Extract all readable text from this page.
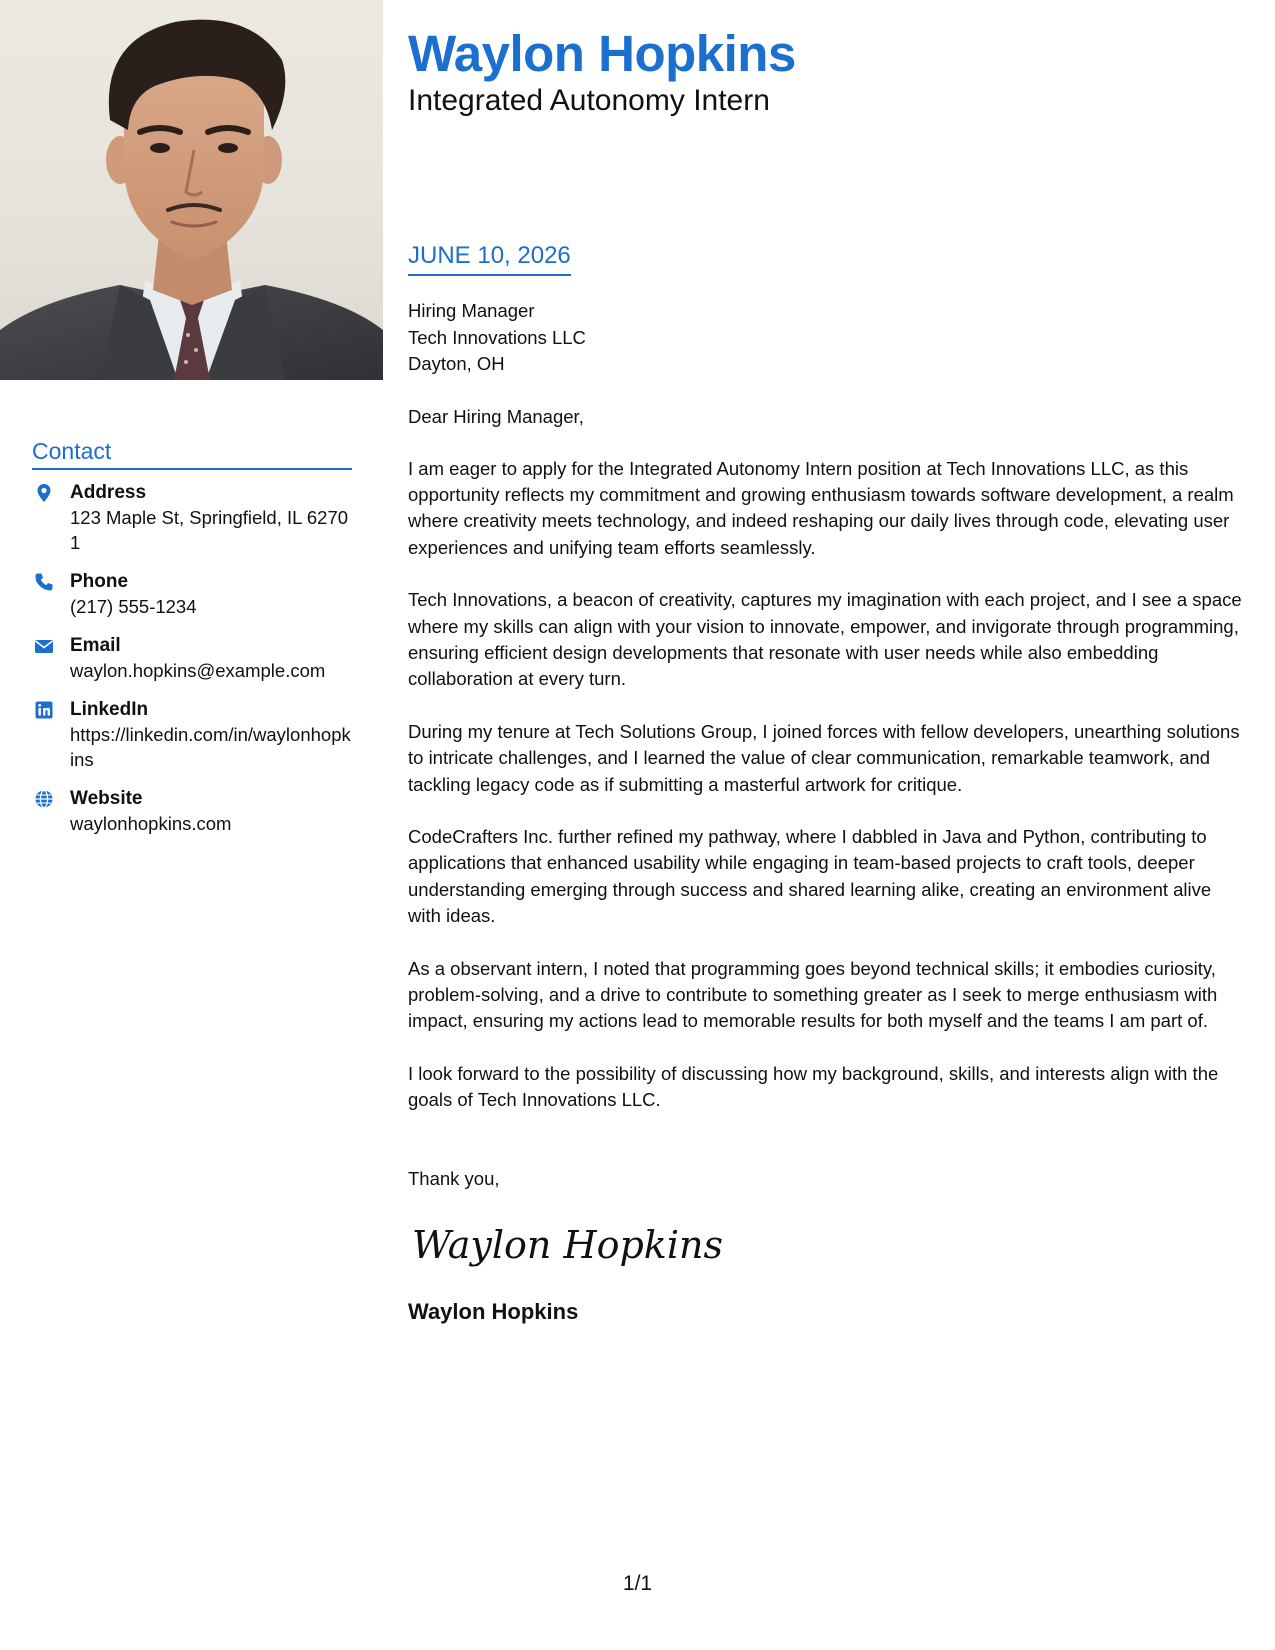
Contact
Address
123 Maple St, Springfield, IL 62701
Phone
(217) 555-1234
Email
waylon.hopkins@example.com
LinkedIn
https://linkedin.com/in/waylonhopkins
Website
waylonhopkins.com
Waylon Hopkins
Integrated Autonomy Intern
JUNE 10, 2026
Hiring Manager
Tech Innovations LLC
Dayton, OH
Dear Hiring Manager,

I am eager to apply for the Integrated Autonomy Intern position at Tech Innovations LLC, as this opportunity reflects my commitment and growing enthusiasm towards software development, a realm where creativity meets technology, and indeed reshaping our daily lives through code, elevating user experiences and unifying team efforts seamlessly.

Tech Innovations, a beacon of creativity, captures my imagination with each project, and I see a space where my skills can align with your vision to innovate, empower, and invigorate through programming, ensuring efficient design developments that resonate with user needs while also embedding collaboration at every turn.

During my tenure at Tech Solutions Group, I joined forces with fellow developers, unearthing solutions to intricate challenges, and I learned the value of clear communication, remarkable teamwork, and tackling legacy code as if submitting a masterful artwork for critique.

CodeCrafters Inc. further refined my pathway, where I dabbled in Java and Python, contributing to applications that enhanced usability while engaging in team-based projects to craft tools, deeper understanding emerging through success and shared learning alike, creating an environment alive with ideas.

As a observant intern, I noted that programming goes beyond technical skills; it embodies curiosity, problem-solving, and a drive to contribute to something greater as I seek to merge enthusiasm with impact, ensuring my actions lead to memorable results for both myself and the teams I am part of.

I look forward to the possibility of discussing how my background, skills, and interests align with the goals of Tech Innovations LLC.

Thank you,
Waylon Hopkins
Waylon Hopkins
1/1
